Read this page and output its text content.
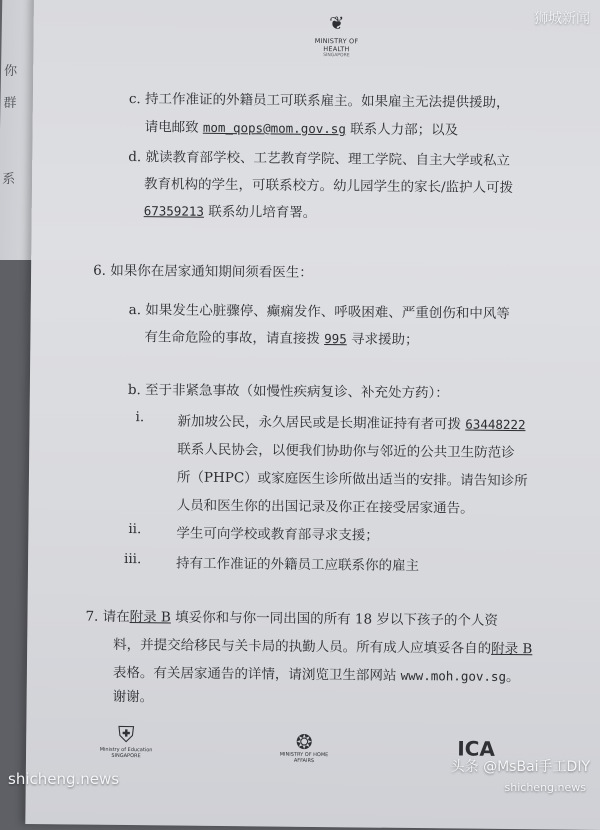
你
群
系
❦
MINISTRY OF HEALTH
SINGAPORE
c. 持工作准证的外籍员工可联系雇主。如果雇主无法提供援助，
请电邮致 mom_qops@mom.gov.sg 联系人力部；以及
d. 就读教育部学校、工艺教育学院、理工学院、自主大学或私立
教育机构的学生，可联系校方。幼儿园学生的家长/监护人可拨
67359213 联系幼儿培育署。
6. 如果你在居家通知期间须看医生：
a. 如果发生心脏骤停、癫痫发作、呼吸困难、严重创伤和中风等
有生命危险的事故，请直接拨 995 寻求援助；
b. 至于非紧急事故（如慢性疾病复诊、补充处方药）：
i. 新加坡公民，永久居民或是长期准证持有者可拨 63448222
联系人民协会，以便我们协助你与邻近的公共卫生防范诊
所（PHPC）或家庭医生诊所做出适当的安排。请告知诊所
人员和医生你的出国记录及你正在接受居家通告。
ii.	学生可向学校或教育部寻求支援；
iii.	持有工作准证的外籍员工应联系你的雇主
7. 请在附录 B 填妥你和与你一同出国的所有 18 岁以下孩子的个人资
料，并提交给移民与关卡局的执勤人员。所有成人应填妥各自的附录 B
表格。有关居家通告的详情，请浏览卫生部网站 www.moh.gov.sg。
谢谢。
⛨
Ministry of Education
SINGAPORE
❂
MINISTRY OF HOME AFFAIRS
ICA
狮城新闻
shicheng.news
头条 @MsBai手工DIY
shicheng.news
